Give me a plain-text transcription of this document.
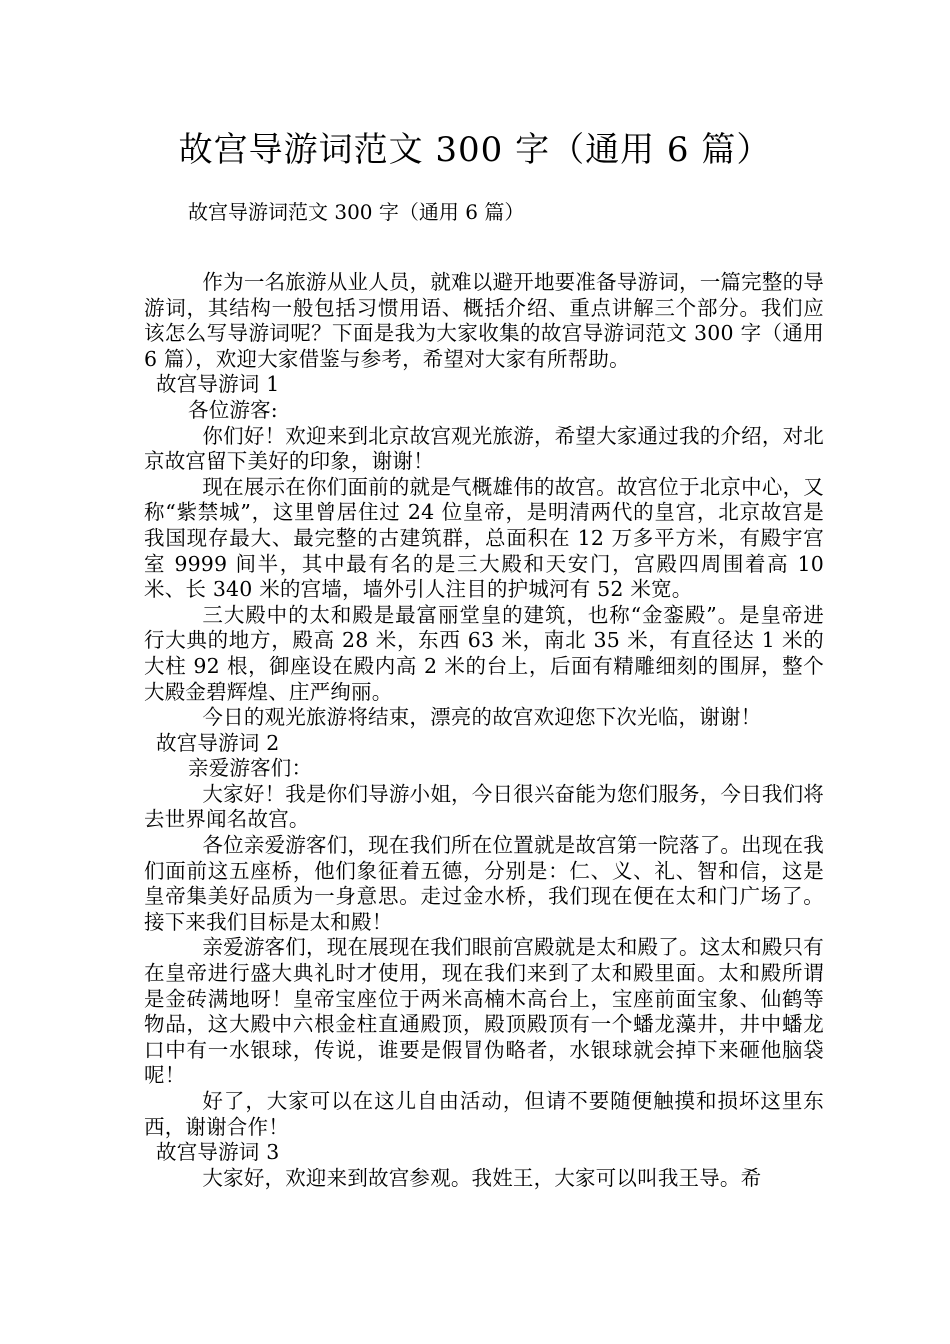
故宫导游词范文 300 字（通用 6 篇）
故宫导游词范文 300 字（通用 6 篇）

作为一名旅游从业人员，就难以避开地要准备导游词，一篇完整的导游词，其结构一般包括习惯用语、概括介绍、重点讲解三个部分。我们应该怎么写导游词呢？下面是我为大家收集的故宫导游词范文 300 字（通用 6 篇），欢迎大家借鉴与参考，希望对大家有所帮助。

故宫导游词 1

各位游客:

你们好！欢迎来到北京故宫观光旅游，希望大家通过我的介绍，对北京故宫留下美好的印象，谢谢！

现在展示在你们面前的就是气概雄伟的故宫。故宫位于北京中心，又称“紫禁城”，这里曾居住过 24 位皇帝，是明清两代的皇宫，北京故宫是我国现存最大、最完整的古建筑群，总面积在 12 万多平方米，有殿宇宫室 9999 间半，其中最有名的是三大殿和天安门，宫殿四周围着高 10 米、长 340 米的宫墙，墙外引人注目的护城河有 52 米宽。

三大殿中的太和殿是最富丽堂皇的建筑，也称“金銮殿”。是皇帝进行大典的地方，殿高 28 米，东西 63 米，南北 35 米，有直径达 1 米的大柱 92 根，御座设在殿内高 2 米的台上，后面有精雕细刻的围屏，整个大殿金碧辉煌、庄严绚丽。

今日的观光旅游将结束，漂亮的故宫欢迎您下次光临，谢谢！

故宫导游词 2

亲爱游客们：

大家好！我是你们导游小姐，今日很兴奋能为您们服务，今日我们将去世界闻名故宫。

各位亲爱游客们，现在我们所在位置就是故宫第一院落了。出现在我们面前这五座桥，他们象征着五德，分别是：仁、义、礼、智和信，这是皇帝集美好品质为一身意思。走过金水桥，我们现在便在太和门广场了。接下来我们目标是太和殿！

亲爱游客们，现在展现在我们眼前宫殿就是太和殿了。这太和殿只有在皇帝进行盛大典礼时才使用，现在我们来到了太和殿里面。太和殿所谓是金砖满地呀！皇帝宝座位于两米高楠木高台上，宝座前面宝象、仙鹤等物品，这大殿中六根金柱直通殿顶，殿顶殿顶有一个蟠龙藻井，井中蟠龙口中有一水银球，传说，谁要是假冒伪略者，水银球就会掉下来砸他脑袋呢！

好了，大家可以在这儿自由活动，但请不要随便触摸和损坏这里东西，谢谢合作！

故宫导游词 3

大家好，欢迎来到故宫参观。我姓王，大家可以叫我王导。希
